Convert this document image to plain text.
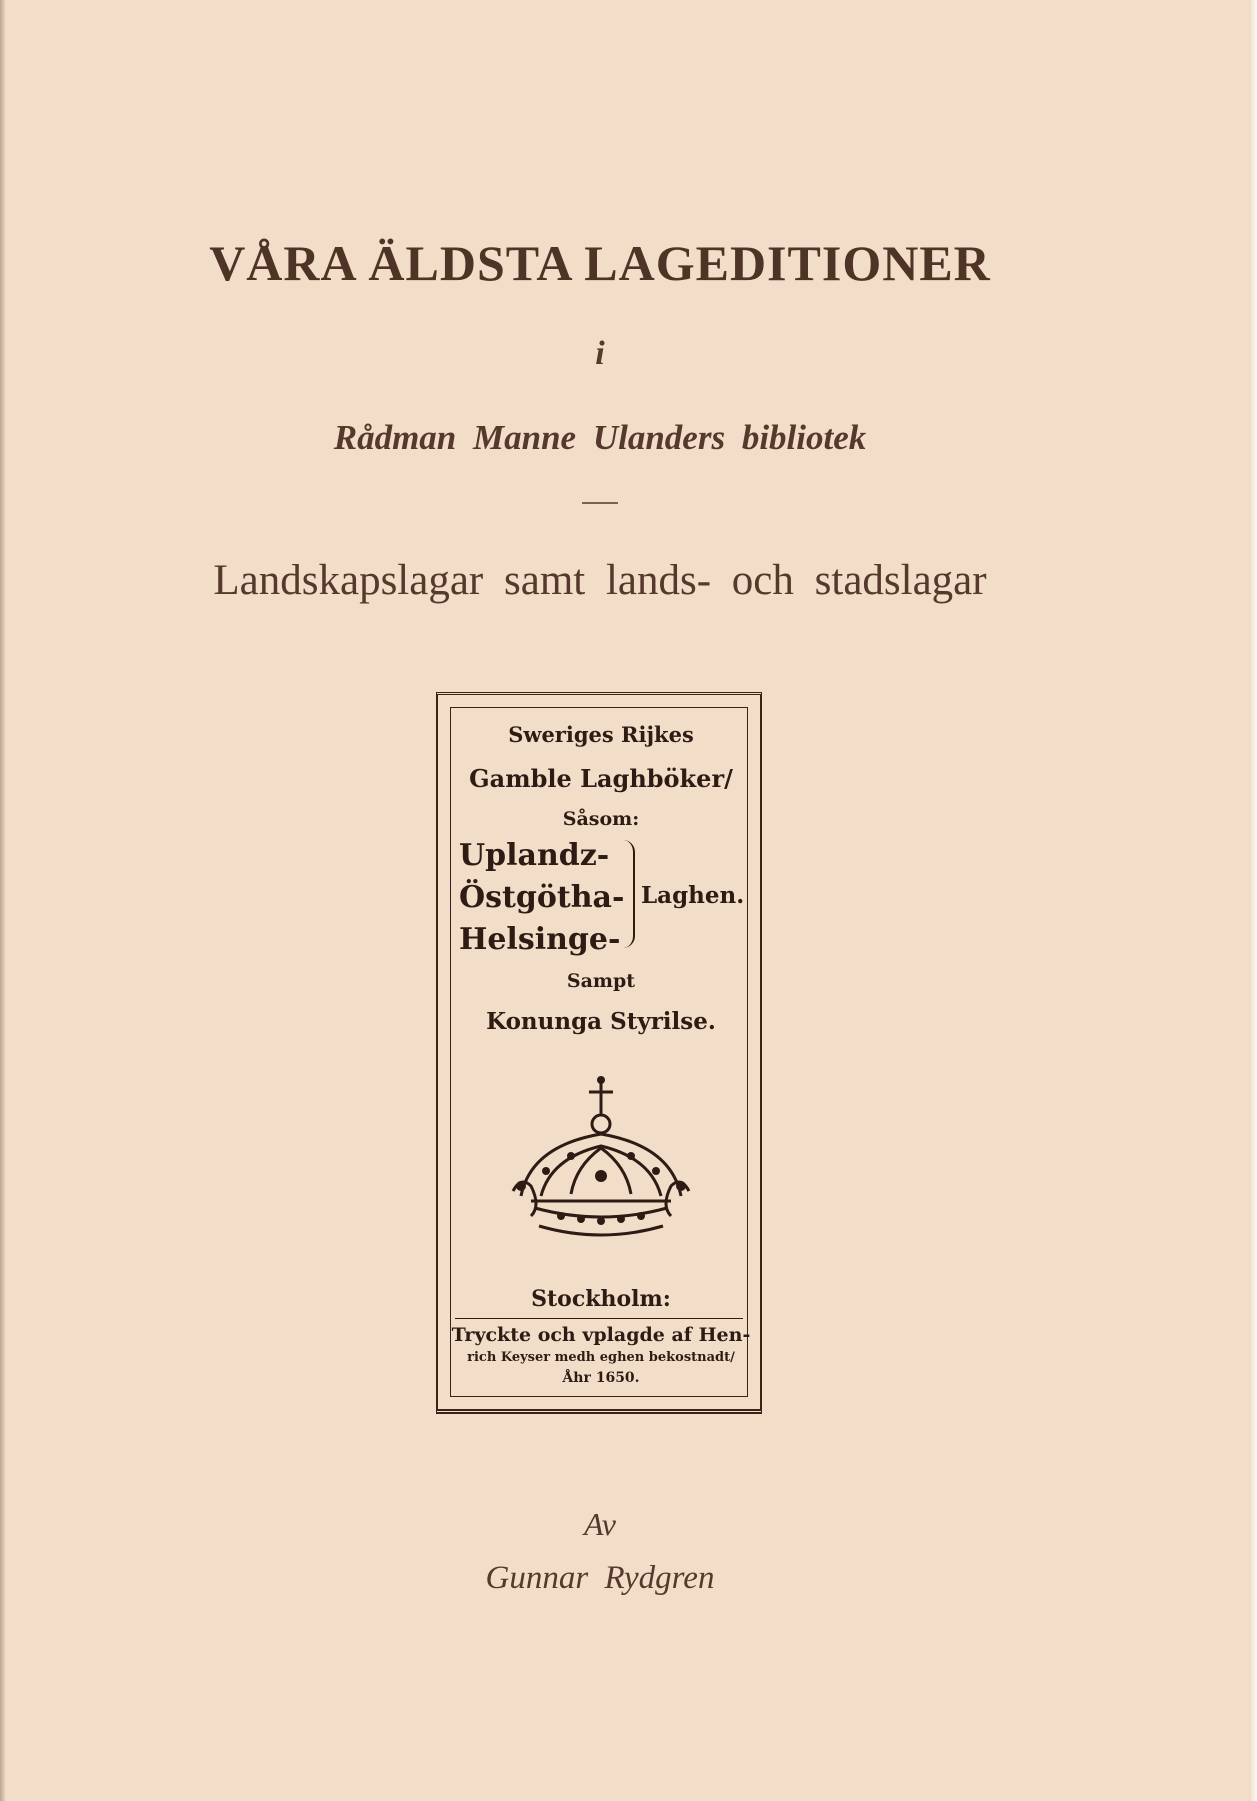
VÅRA ÄLDSTA LAGEDITIONER
i
Rådman Manne Ulanders bibliotek
Landskapslagar samt lands- och stadslagar
Sweriges Rijkes
Gamble Laghböker/
Såsom:
Uplandz-
Östgötha-
Helsinge-
Laghen.
Sampt
Konunga Styrilse.
Stockholm:
Tryckte och vplagde af Hen-
rich Keyser medh eghen bekostnadt/
Åhr 1650.
Av
Gunnar Rydgren
